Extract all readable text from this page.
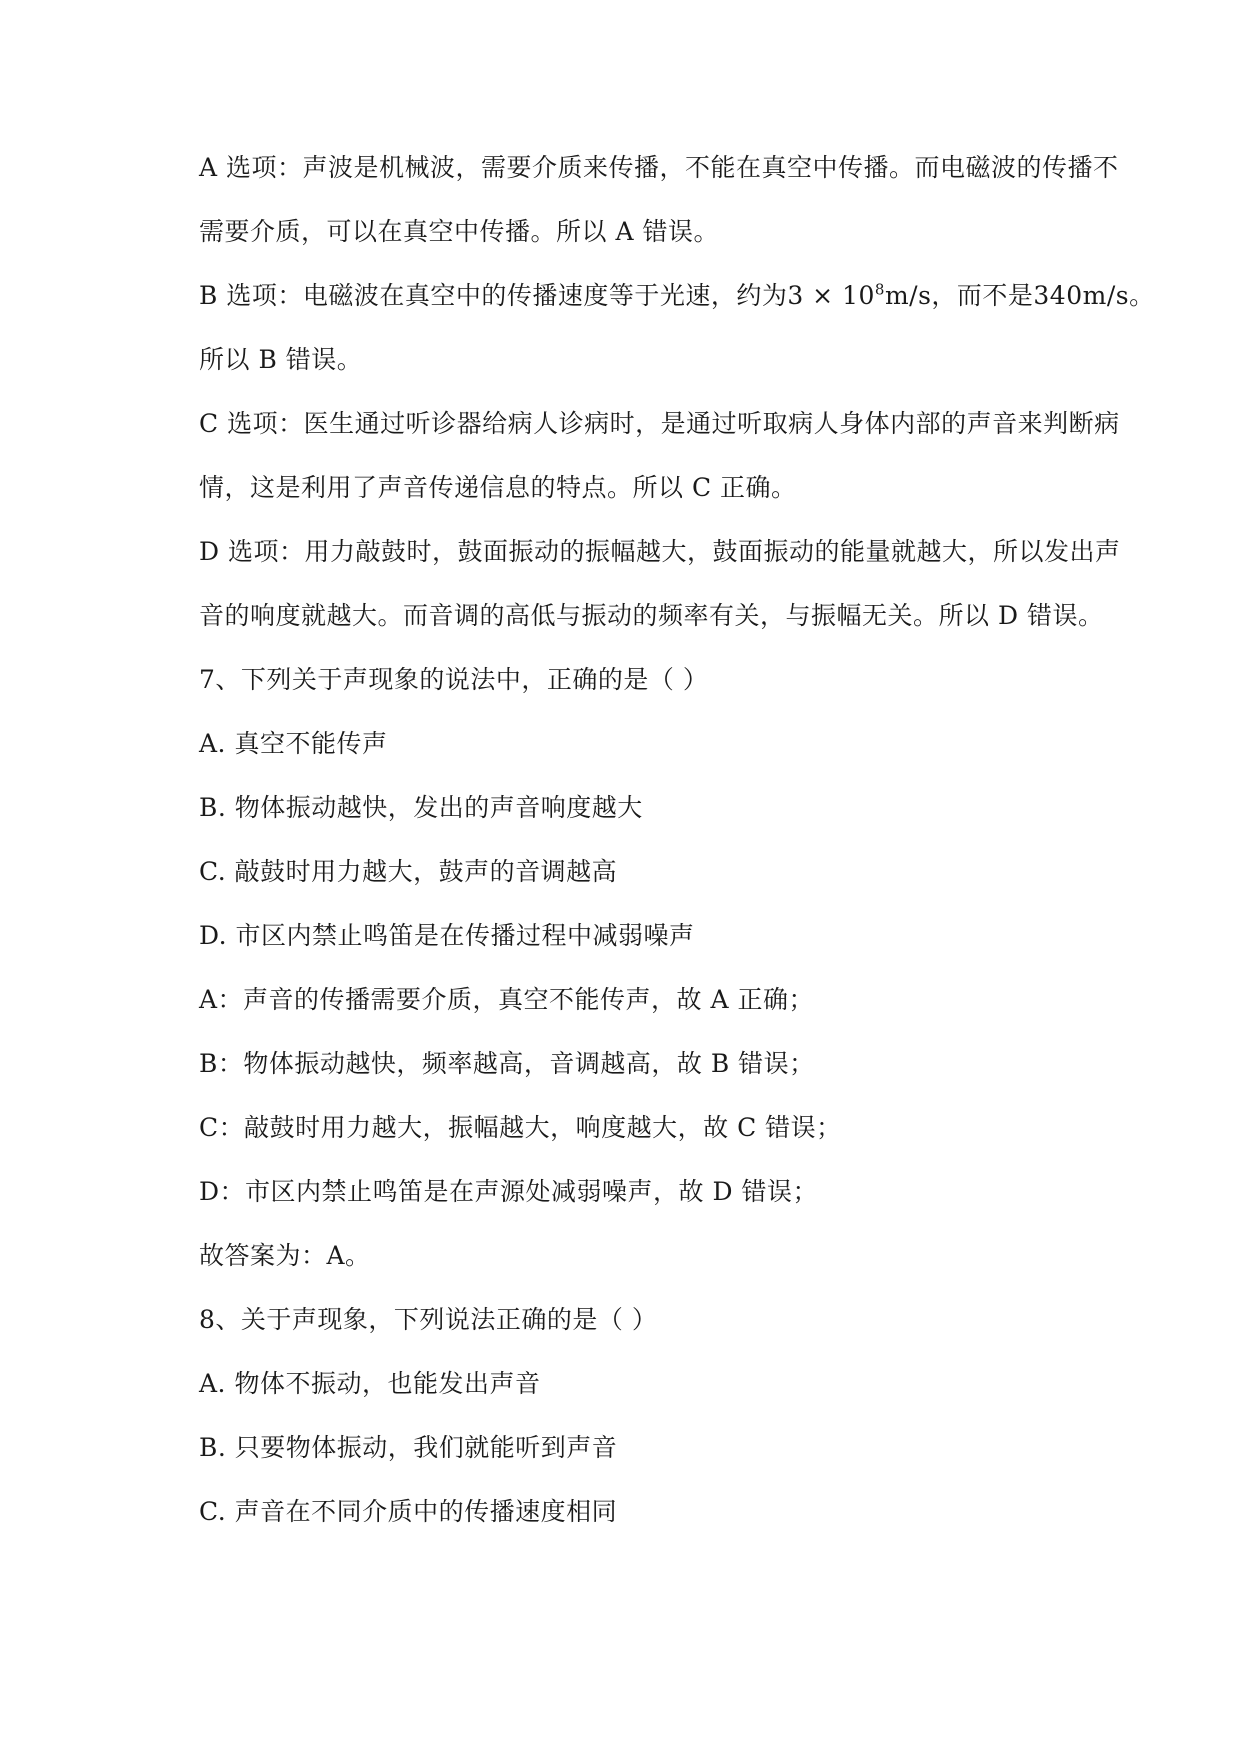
A 选项：声波是机械波，需要介质来传播，不能在真空中传播。而电磁波的传播不
需要介质，可以在真空中传播。所以 A 错误。
B 选项：电磁波在真空中的传播速度等于光速，约为$3 \times 10^8m/s$，而不是340m/s。
所以 B 错误。
C 选项：医生通过听诊器给病人诊病时，是通过听取病人身体内部的声音来判断病
情，这是利用了声音传递信息的特点。所以 C 正确。
D 选项：用力敲鼓时，鼓面振动的振幅越大，鼓面振动的能量就越大，所以发出声
音的响度就越大。而音调的高低与振动的频率有关，与振幅无关。所以 D 错误。
7、下列关于声现象的说法中，正确的是（ ）
A. 真空不能传声
B. 物体振动越快，发出的声音响度越大
C. 敲鼓时用力越大，鼓声的音调越高
D. 市区内禁止鸣笛是在传播过程中减弱噪声
A：声音的传播需要介质，真空不能传声，故 A 正确；
B：物体振动越快，频率越高，音调越高，故 B 错误；
C：敲鼓时用力越大，振幅越大，响度越大，故 C 错误；
D：市区内禁止鸣笛是在声源处减弱噪声，故 D 错误；
故答案为：A。
8、关于声现象，下列说法正确的是（ ）
A. 物体不振动，也能发出声音
B. 只要物体振动，我们就能听到声音
C. 声音在不同介质中的传播速度相同
